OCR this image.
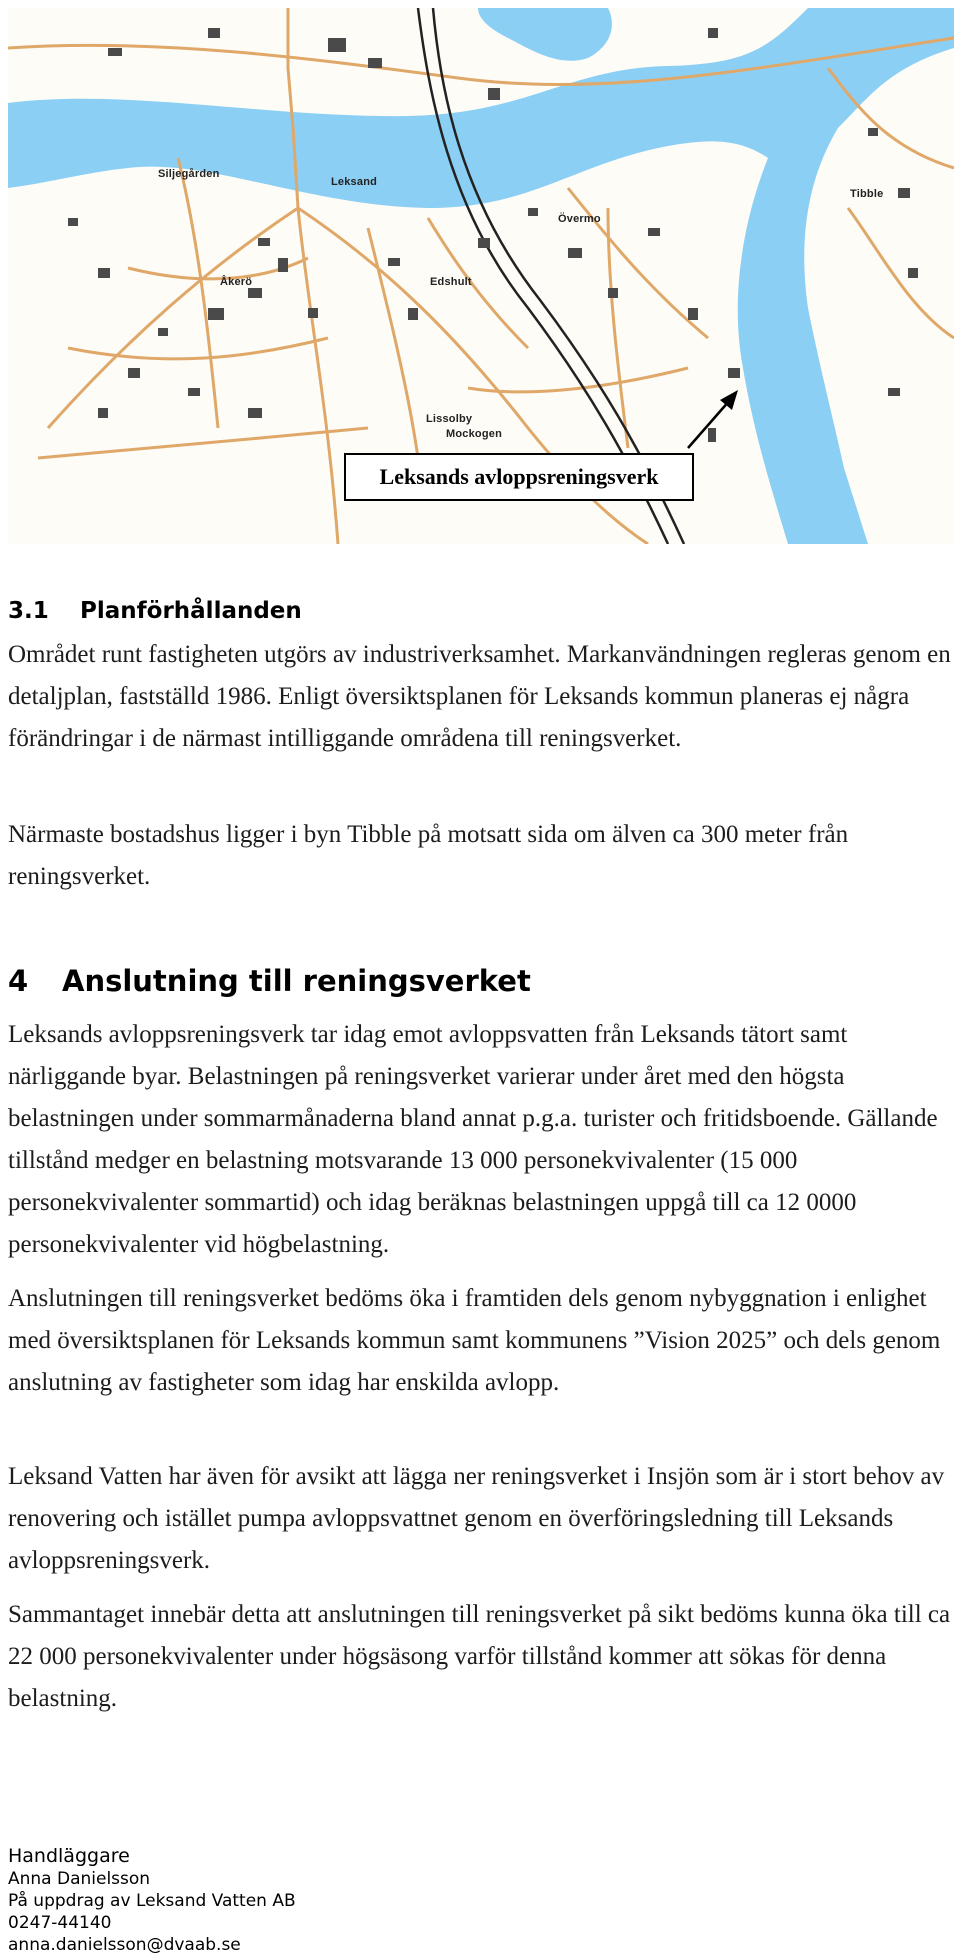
Siljegården
Leksand
Tibble
Övermo
Edshult
Åkerö
Lissolby
Mockogen
Leksands avloppsreningsverk
3.1 Planförhållanden

Området runt fastigheten utgörs av industriverksamhet. Markanvändningen regleras genom en detaljplan, fastställd 1986. Enligt översiktsplanen för Leksands kommun planeras ej några förändringar i de närmast intilliggande områdena till reningsverket.

Närmaste bostadshus ligger i byn Tibble på motsatt sida om älven ca 300 meter från reningsverket.

4 Anslutning till reningsverket

Leksands avloppsreningsverk tar idag emot avloppsvatten från Leksands tätort samt närliggande byar. Belastningen på reningsverket varierar under året med den högsta belastningen under sommarmånaderna bland annat p.g.a. turister och fritidsboende. Gällande tillstånd medger en belastning motsvarande 13 000 personekvivalenter (15 000 personekvivalenter sommartid) och idag beräknas belastningen uppgå till ca 12 0000 personekvivalenter vid högbelastning.

Anslutningen till reningsverket bedöms öka i framtiden dels genom nybyggnation i enlighet med översiktsplanen för Leksands kommun samt kommunens ”Vision 2025” och dels genom anslutning av fastigheter som idag har enskilda avlopp.

Leksand Vatten har även för avsikt att lägga ner reningsverket i Insjön som är i stort behov av renovering och istället pumpa avloppsvattnet genom en överföringsledning till Leksands avloppsreningsverk.

Sammantaget innebär detta att anslutningen till reningsverket på sikt bedöms kunna öka till ca 22 000 personekvivalenter under högsäsong varför tillstånd kommer att sökas för denna belastning.

Handläggare
Anna Danielsson
På uppdrag av Leksand Vatten AB
0247-44140
anna.danielsson@dvaab.se
